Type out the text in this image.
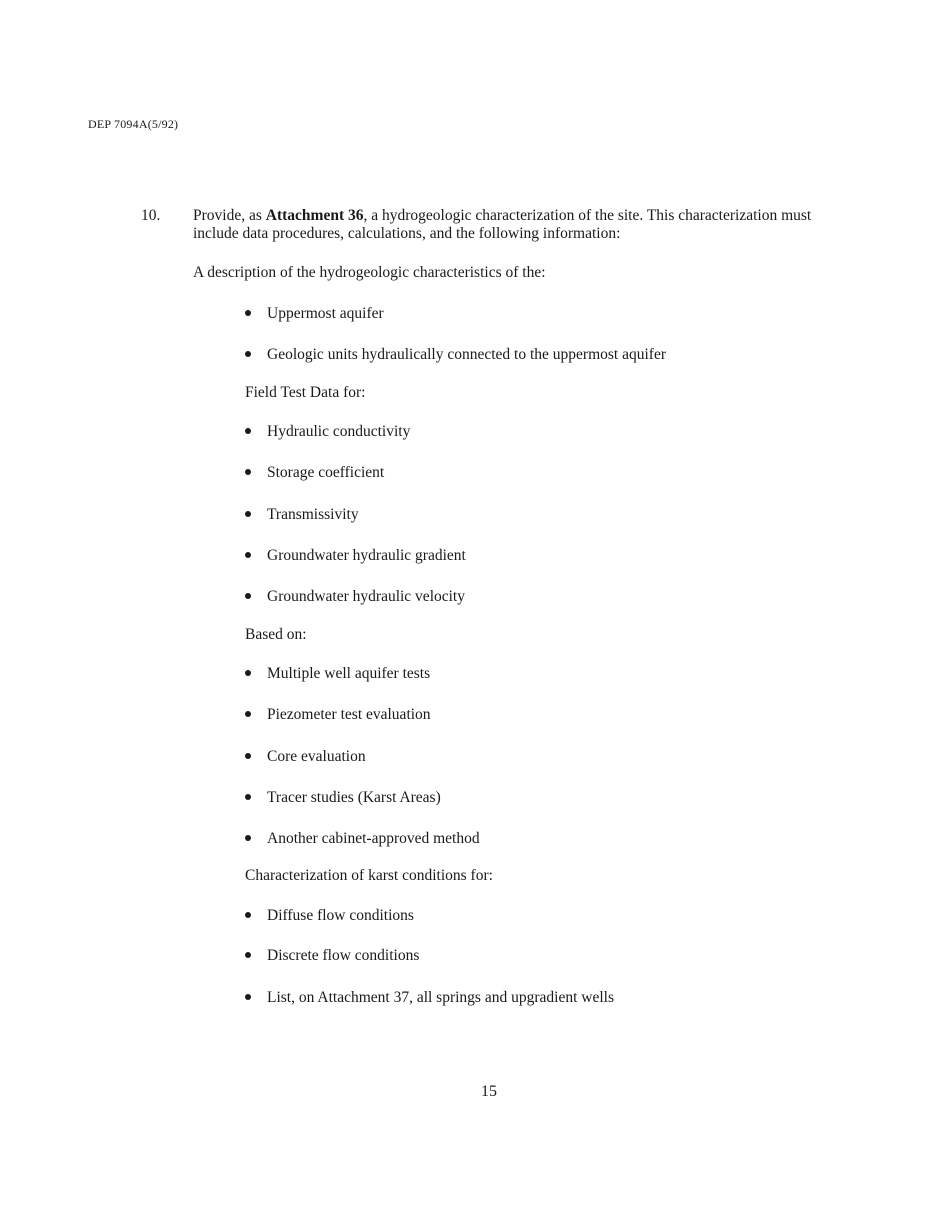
DEP 7094A(5/92)
10. Provide, as Attachment 36, a hydrogeologic characterization of the site. This characterization must include data procedures, calculations, and the following information:
A description of the hydrogeologic characteristics of the:
Uppermost aquifer
Geologic units hydraulically connected to the uppermost aquifer
Field Test Data for:
Hydraulic conductivity
Storage coefficient
Transmissivity
Groundwater hydraulic gradient
Groundwater hydraulic velocity
Based on:
Multiple well aquifer tests
Piezometer test evaluation
Core evaluation
Tracer studies (Karst Areas)
Another cabinet-approved method
Characterization of karst conditions for:
Diffuse flow conditions
Discrete flow conditions
List, on Attachment 37, all springs and upgradient wells
15
